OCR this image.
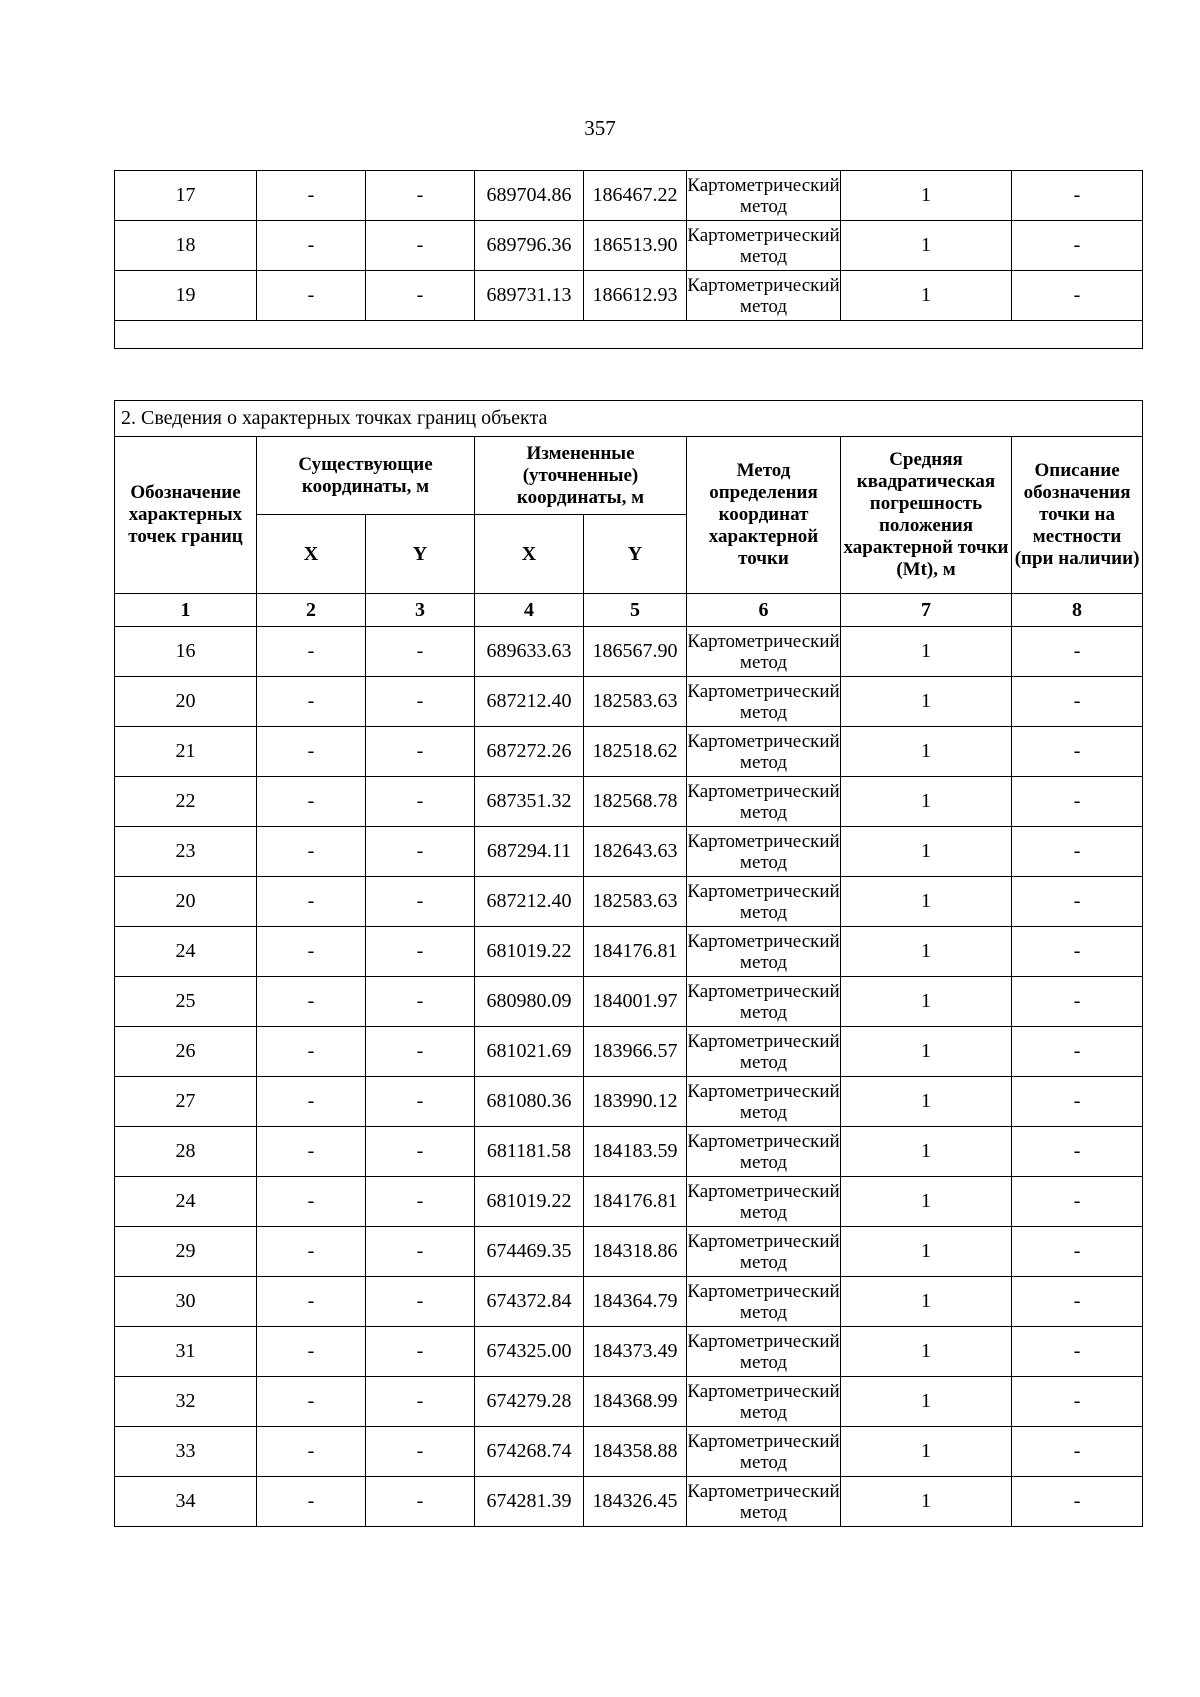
357
17	-	-	689704.86	186467.22	Картометрический метод	1	-
18	-	-	689796.36	186513.90	Картометрический метод	1	-
19	-	-	689731.13	186612.93	Картометрический метод	1	-

2. Сведения о характерных точках границ объекта							
Обозначение характерных точек границ	Существующие координаты, м		Измененные (уточненные) координаты, м		Метод определения координат характерной точки	Средняя квадратическая погрешность положения характерной точки (Mt), м	Описание обозначения точки на местности (при наличии)
	X	Y	X	Y			
1	2	3	4	5	6	7	8
16	-	-	689633.63	186567.90	Картометрический метод	1	-
20	-	-	687212.40	182583.63	Картометрический метод	1	-
21	-	-	687272.26	182518.62	Картометрический метод	1	-
22	-	-	687351.32	182568.78	Картометрический метод	1	-
23	-	-	687294.11	182643.63	Картометрический метод	1	-
20	-	-	687212.40	182583.63	Картометрический метод	1	-
24	-	-	681019.22	184176.81	Картометрический метод	1	-
25	-	-	680980.09	184001.97	Картометрический метод	1	-
26	-	-	681021.69	183966.57	Картометрический метод	1	-
27	-	-	681080.36	183990.12	Картометрический метод	1	-
28	-	-	681181.58	184183.59	Картометрический метод	1	-
24	-	-	681019.22	184176.81	Картометрический метод	1	-
29	-	-	674469.35	184318.86	Картометрический метод	1	-
30	-	-	674372.84	184364.79	Картометрический метод	1	-
31	-	-	674325.00	184373.49	Картометрический метод	1	-
32	-	-	674279.28	184368.99	Картометрический метод	1	-
33	-	-	674268.74	184358.88	Картометрический метод	1	-
34	-	-	674281.39	184326.45	Картометрический метод	1	-
